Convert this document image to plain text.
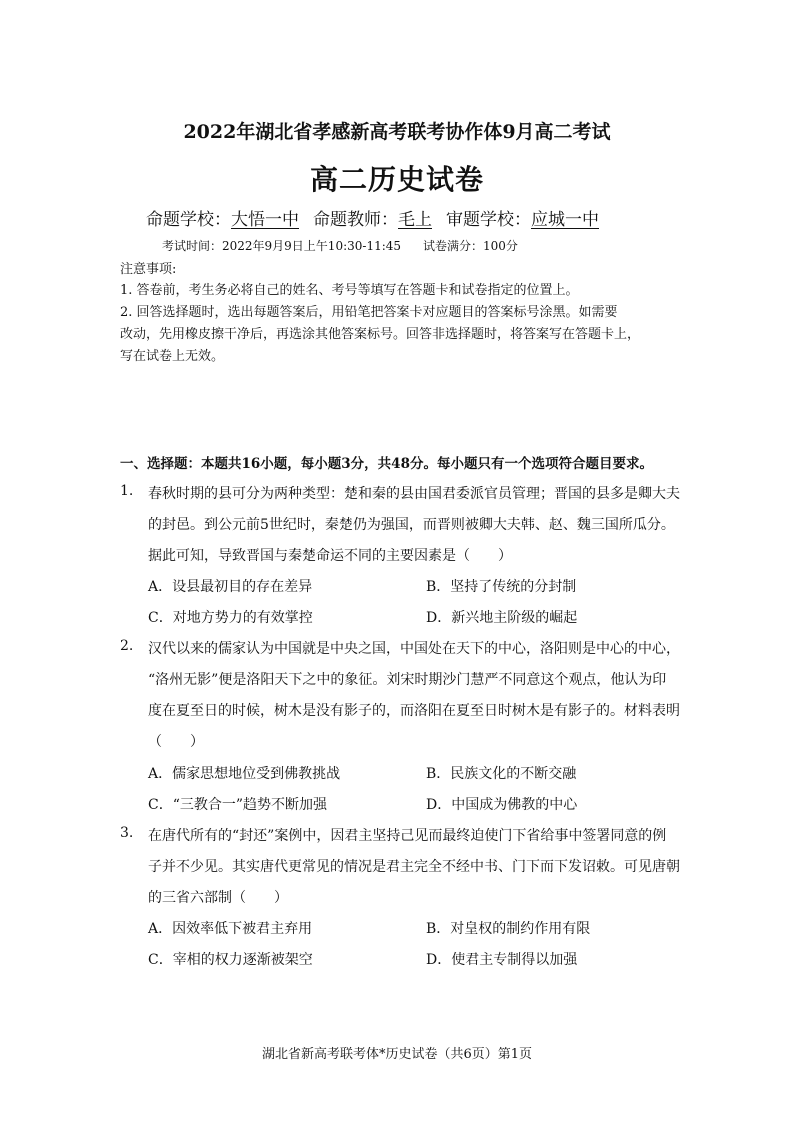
2022年湖北省孝感新高考联考协作体9月高二考试
高二历史试卷
命题学校：大悟一中 命题教师：毛上 审题学校：应城一中
考试时间：2022年9月9日上午10:30-11:45 试卷满分：100分
注意事项:
1. 答卷前，考生务必将自己的姓名、考号等填写在答题卡和试卷指定的位置上。
2. 回答选择题时，选出每题答案后，用铅笔把答案卡对应题目的答案标号涂黑。如需要
改动，先用橡皮擦干净后，再选涂其他答案标号。回答非选择题时，将答案写在答题卡上，
写在试卷上无效。
一、选择题：本题共16小题，每小题3分，共48分。每小题只有一个选项符合题目要求。
1. 春秋时期的县可分为两种类型：楚和秦的县由国君委派官员管理；晋国的县多是卿大夫
的封邑。到公元前5世纪时，秦楚仍为强国，而晋则被卿大夫韩、赵、魏三国所瓜分。
据此可知，导致晋国与秦楚命运不同的主要因素是（　　）
A．设县最初目的存在差异	B．坚持了传统的分封制
C．对地方势力的有效掌控	D．新兴地主阶级的崛起
2. 汉代以来的儒家认为中国就是中央之国，中国处在天下的中心，洛阳则是中心的中心，
“洛州无影”便是洛阳天下之中的象征。刘宋时期沙门慧严不同意这个观点，他认为印
度在夏至日的时候，树木是没有影子的，而洛阳在夏至日时树木是有影子的。材料表明
（　　）
A．儒家思想地位受到佛教挑战	B．民族文化的不断交融
C．“三教合一”趋势不断加强	D．中国成为佛教的中心
3. 在唐代所有的“封还”案例中，因君主坚持己见而最终迫使门下省给事中签署同意的例
子并不少见。其实唐代更常见的情况是君主完全不经中书、门下而下发诏敕。可见唐朝
的三省六部制（　　）
A．因效率低下被君主弃用	B．对皇权的制约作用有限
C．宰相的权力逐渐被架空	D．使君主专制得以加强
湖北省新高考联考体*历史试卷（共6页）第1页
